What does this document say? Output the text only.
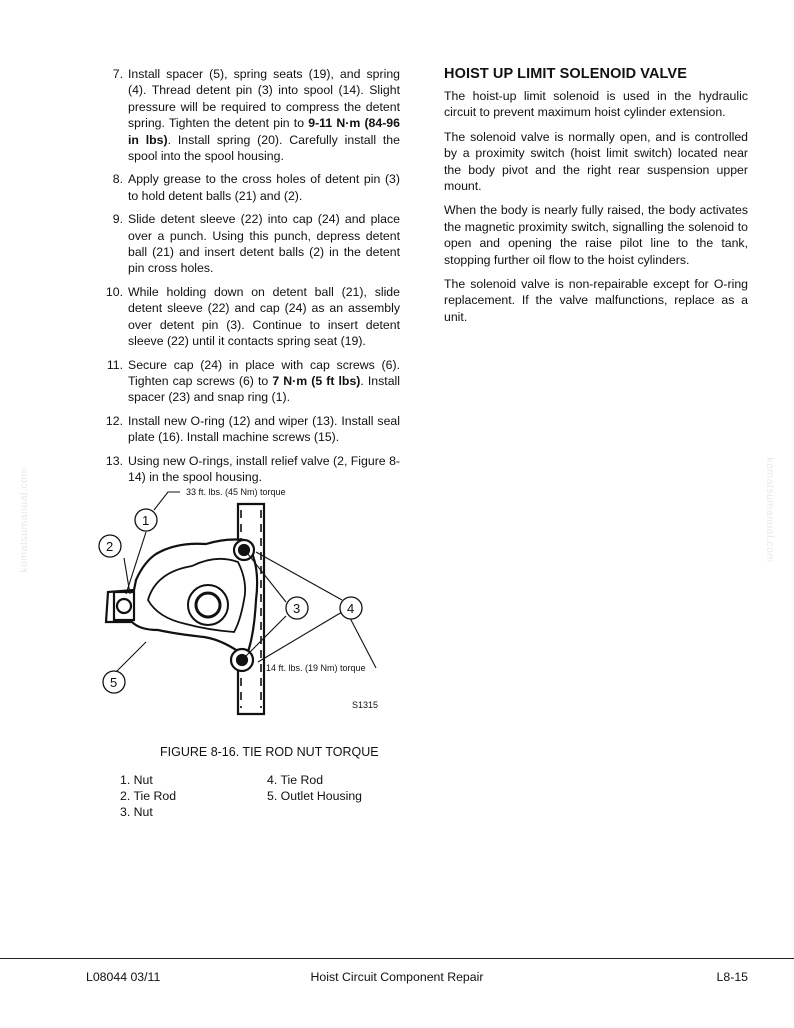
komatsumanual.com	komatsumanual.com
7. Install spacer (5), spring seats (19), and spring (4). Thread detent pin (3) into spool (14). Slight pressure will be required to compress the detent spring. Tighten the detent pin to 9-11 N·m (84-96 in lbs). Install spring (20). Carefully install the spool into the spool housing.
8. Apply grease to the cross holes of detent pin (3) to hold detent balls (21) and (2).
9. Slide detent sleeve (22) into cap (24) and place over a punch. Using this punch, depress detent ball (21) and insert detent balls (2) in the detent pin cross holes.
10. While holding down on detent ball (21), slide detent sleeve (22) and cap (24) as an assembly over detent pin (3). Continue to insert detent sleeve (22) until it contacts spring seat (19).
11. Secure cap (24) in place with cap screws (6). Tighten cap screws (6) to 7 N·m (5 ft lbs). Install spacer (23) and snap ring (1).
12. Install new O-ring (12) and wiper (13). Install seal plate (16). Install machine screws (15).
13. Using new O-rings, install relief valve (2, Figure 8-14) in the spool housing.
HOIST UP LIMIT SOLENOID VALVE

The hoist-up limit solenoid is used in the hydraulic circuit to prevent maximum hoist cylinder extension.

The solenoid valve is normally open, and is controlled by a proximity switch (hoist limit switch) located near the body pivot and the right rear suspension upper mount.

When the body is nearly fully raised, the body activates the magnetic proximity switch, signalling the solenoid to open and opening the raise pilot line to the tank, stopping further oil flow to the hoist cylinders.

The solenoid valve is non-repairable except for O-ring replacement. If the valve malfunctions, replace as a unit.

1
2
3	4
5
33 ft. lbs. (45 Nm) torque
14 ft. lbs. (19 Nm) torque
S1315
FIGURE 8-16. TIE ROD NUT TORQUE
1. Nut
2. Tie Rod
3. Nut
4. Tie Rod
5. Outlet Housing
L08044 03/11	Hoist Circuit Component Repair	L8-15
